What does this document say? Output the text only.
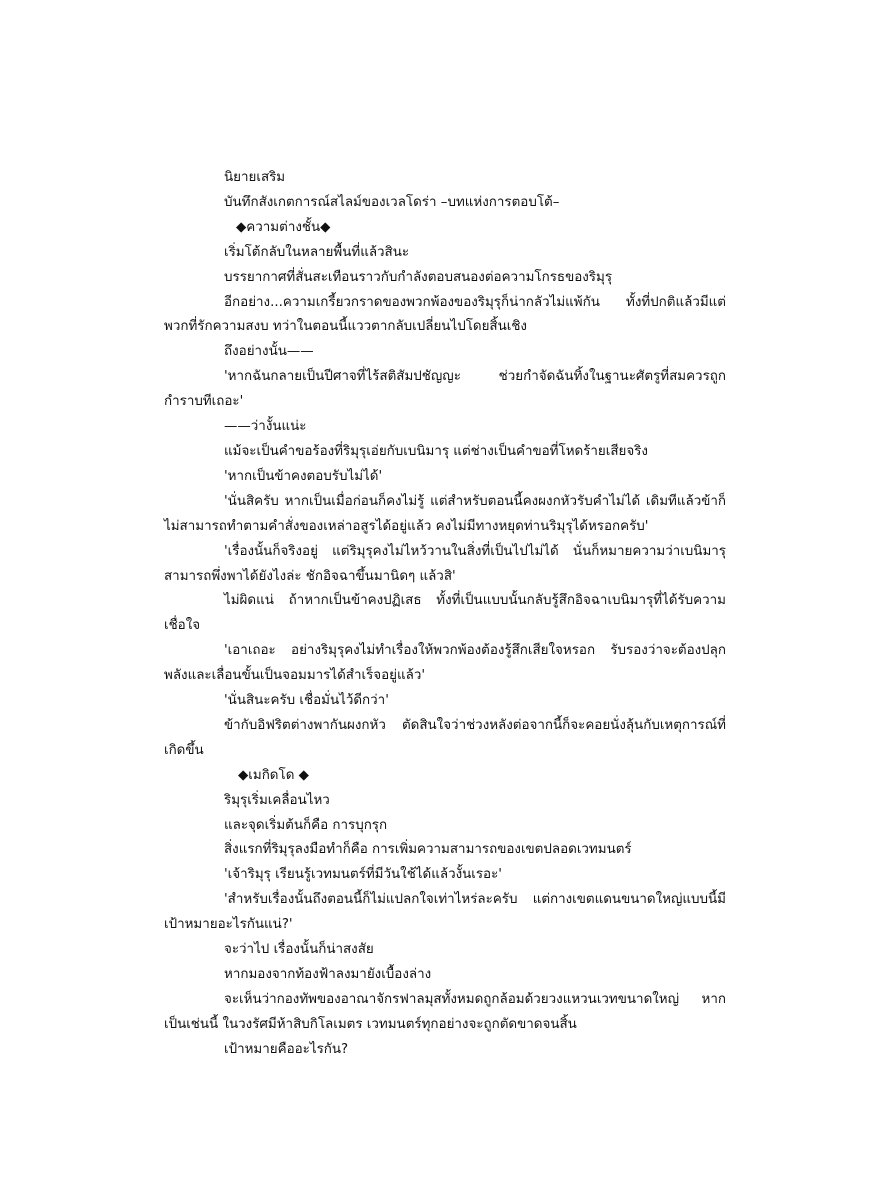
นิยายเสริม

บันทึกสังเกตการณ์สไลม์ของเวลโดร่า –บทแห่งการตอบโต้–

◆ความต่างชั้น◆

เริ่มโต้กลับในหลายพื้นที่แล้วสินะ

บรรยากาศที่สั่นสะเทือนราวกับกำลังตอบสนองต่อความโกรธของริมุรุ

อีกอย่าง...ความเกรี้ยวกราดของพวกพ้องของริมุรุก็น่ากลัวไม่แพ้กัน ทั้งที่ปกติแล้วมีแต่พวกที่รักความสงบ ทว่าในตอนนี้แววตากลับเปลี่ยนไปโดยสิ้นเชิง

ถึงอย่างนั้น——

'หากฉันกลายเป็นปีศาจที่ไร้สติสัมปชัญญะ ช่วยกำจัดฉันทิ้งในฐานะศัตรูที่สมควรถูกกำราบทีเถอะ'

——ว่างั้นแน่ะ

แม้จะเป็นคำขอร้องที่ริมุรุเอ่ยกับเบนิมารุ แต่ช่างเป็นคำขอที่โหดร้ายเสียจริง

'หากเป็นข้าคงตอบรับไม่ได้'

'นั่นสิครับ หากเป็นเมื่อก่อนก็คงไม่รู้ แต่สำหรับตอนนี้คงผงกหัวรับคำไม่ได้ เดิมทีแล้วข้าก็ไม่สามารถทำตามคำสั่งของเหล่าอสูรได้อยู่แล้ว คงไม่มีทางหยุดท่านริมุรุได้หรอกครับ'

'เรื่องนั้นก็จริงอยู่ แต่ริมุรุคงไม่ไหว้วานในสิ่งที่เป็นไปไม่ได้ นั่นก็หมายความว่าเบนิมารุสามารถพึ่งพาได้ยังไงล่ะ ชักอิจฉาขึ้นมานิดๆ แล้วสิ'

ไม่ผิดแน่ ถ้าหากเป็นข้าคงปฏิเสธ ทั้งที่เป็นแบบนั้นกลับรู้สึกอิจฉาเบนิมารุที่ได้รับความเชื่อใจ

'เอาเถอะ อย่างริมุรุคงไม่ทำเรื่องให้พวกพ้องต้องรู้สึกเสียใจหรอก รับรองว่าจะต้องปลุกพลังและเลื่อนขั้นเป็นจอมมารได้สำเร็จอยู่แล้ว'

'นั่นสินะครับ เชื่อมั่นไว้ดีกว่า'

ข้ากับอิฟริตต่างพากันผงกหัว ตัดสินใจว่าช่วงหลังต่อจากนี้ก็จะคอยนั่งลุ้นกับเหตุการณ์ที่เกิดขึ้น

◆เมกิดโด ◆

ริมุรุเริ่มเคลื่อนไหว

และจุดเริ่มต้นก็คือ การบุกรุก

สิ่งแรกที่ริมุรุลงมือทำก็คือ การเพิ่มความสามารถของเขตปลอดเวทมนตร์

'เจ้าริมุรุ เรียนรู้เวทมนตร์ที่มีวันใช้ได้แล้วงั้นเรอะ'

'สำหรับเรื่องนั้นถึงตอนนี้ก็ไม่แปลกใจเท่าไหร่ละครับ แต่กางเขตแดนขนาดใหญ่แบบนี้มีเป้าหมายอะไรกันแน่?'

จะว่าไป เรื่องนั้นก็น่าสงสัย

หากมองจากท้องฟ้าลงมายังเบื้องล่าง

จะเห็นว่ากองทัพของอาณาจักรฟาลมุสทั้งหมดถูกล้อมด้วยวงแหวนเวทขนาดใหญ่ หากเป็นเช่นนี้ ในวงรัศมีห้าสิบกิโลเมตร เวทมนตร์ทุกอย่างจะถูกตัดขาดจนสิ้น

เป้าหมายคืออะไรกัน?
